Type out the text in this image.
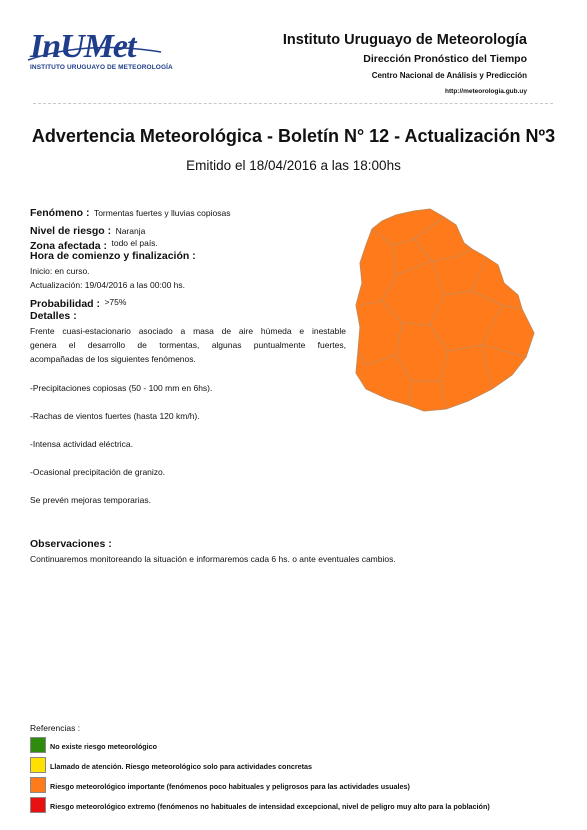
InUMet
INSTITUTO URUGUAYO DE METEOROLOGÍA
Instituto Uruguayo de Meteorología
Dirección Pronóstico del Tiempo
Centro Nacional de Análisis y Predicción
http://meteorologia.gub.uy
Advertencia Meteorológica - Boletín N° 12 - Actualización Nº3
Emitido el 18/04/2016 a las 18:00hs
Fenómeno : Tormentas fuertes y lluvias copiosas
Nivel de riesgo : Naranja
Zona afectada : todo el país.
Hora de comienzo y finalización :
Inicio: en curso.
Actualización: 19/04/2016 a las 00:00 hs.
Probabilidad : >75%
Detalles :
Frente cuasi-estacionario asociado a masa de aire húmeda e inestable
genera el desarrollo de tormentas, algunas puntualmente fuertes,
acompañadas de los siguientes fenómenos.
-Precipitaciones copiosas (50 - 100 mm en 6hs).
-Rachas de vientos fuertes (hasta 120 km/h).
-Intensa actividad eléctrica.
-Ocasional precipitación de granizo.
Se prevén mejoras temporarias.
Observaciones :
Continuaremos monitoreando la situación e informaremos cada 6 hs. o ante eventuales cambios.
Referencias :
No existe riesgo meteorológico
Llamado de atención. Riesgo meteorológico solo para actividades concretas
Riesgo meteorológico importante (fenómenos poco habituales y peligrosos para las actividades usuales)
Riesgo meteorológico extremo (fenómenos no habituales de intensidad excepcional, nivel de peligro muy alto para la población)
